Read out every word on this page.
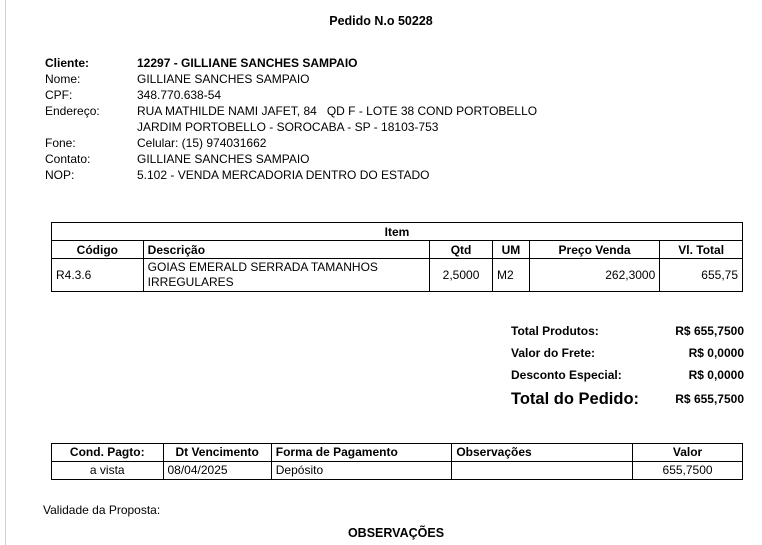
Pedido N.o 50228
Cliente:	12297 - GILLIANE SANCHES SAMPAIO
Nome:	GILLIANE SANCHES SAMPAIO
CPF:	348.770.638-54
Endereço:	RUA MATHILDE NAMI JAFET, 84   QD F - LOTE 38 COND PORTOBELLO
JARDIM PORTOBELLO - SOROCABA - SP - 18103-753
Fone:	Celular: (15) 974031662
Contato:	GILLIANE SANCHES SAMPAIO
NOP:	5.102 - VENDA MERCADORIA DENTRO DO ESTADO
Item					
Código	Descrição	Qtd	UM	Preço Venda	Vl. Total
R4.3.6	GOIAS EMERALD SERRADA TAMANHOS IRREGULARES	2,5000	M2	262,3000	655,75
Total Produtos:	R$ 655,7500
Valor do Frete:	R$ 0,0000
Desconto Especial:	R$ 0,0000
Total do Pedido:	R$ 655,7500
Cond. Pagto:	Dt Vencimento	Forma de Pagamento	Observações	Valor
a vista	08/04/2025	Depósito		655,7500
Validade da Proposta:
OBSERVAÇÕES
